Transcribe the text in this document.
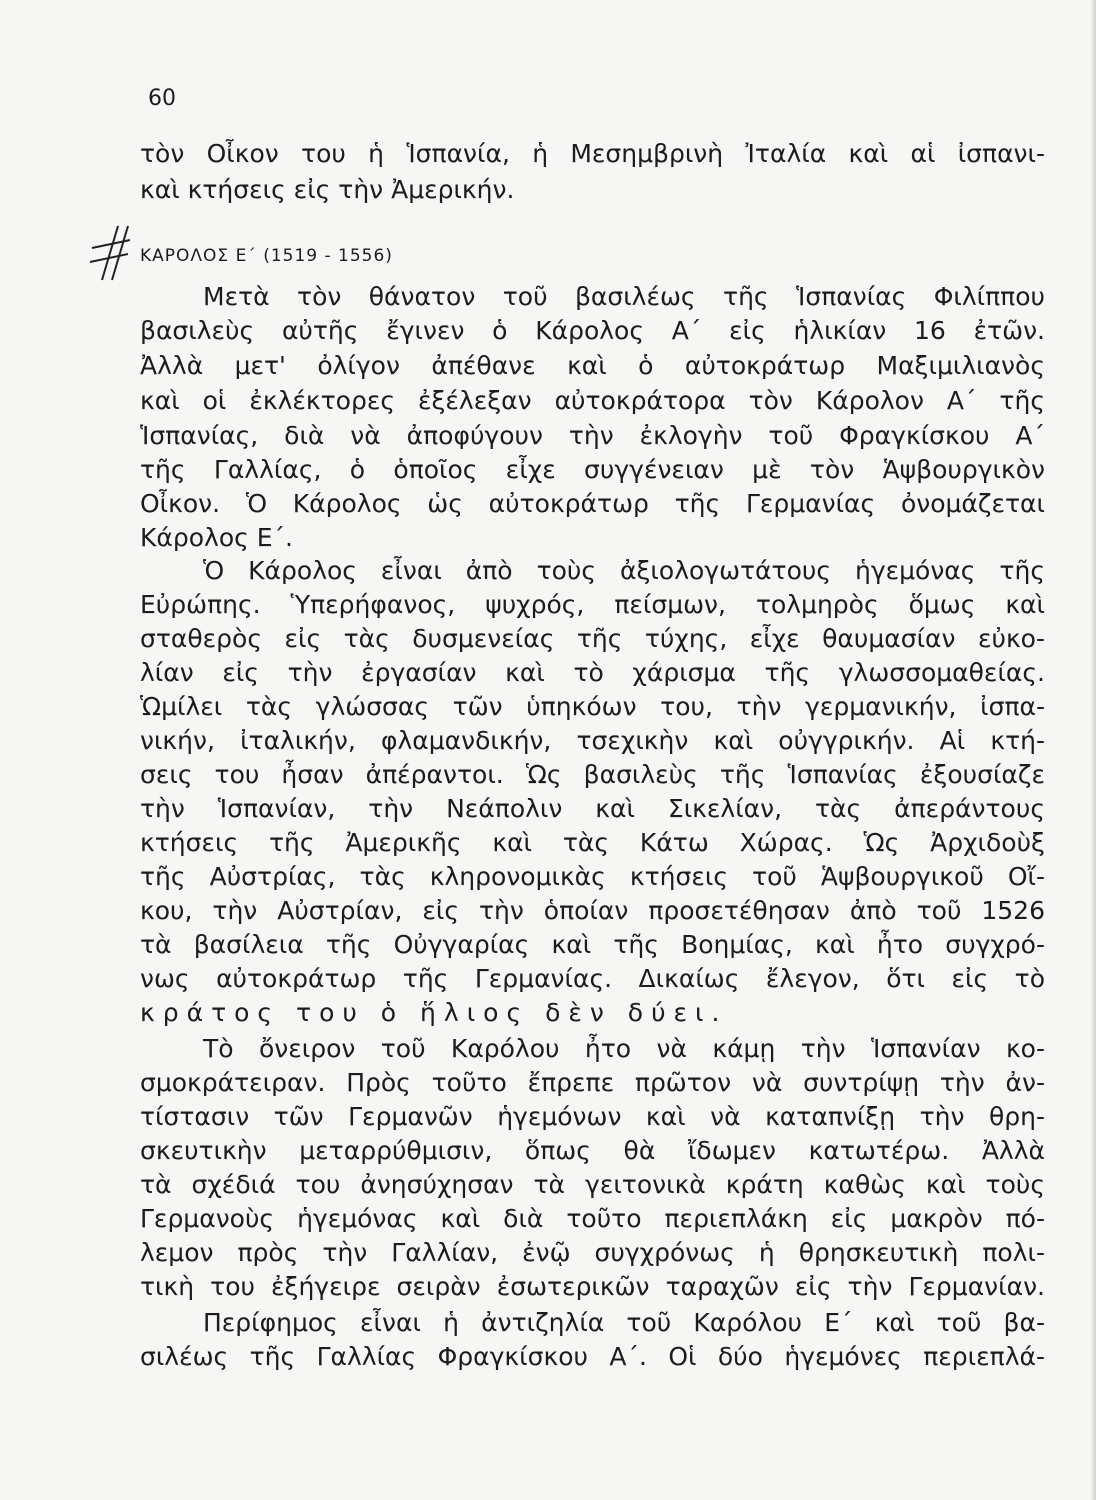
60
τὸν Οἶκον του ἡ Ἱσπανία, ἡ Μεσημβρινὴ Ἰταλία καὶ αἱ ἰσπανι-
καὶ κτήσεις εἰς τὴν Ἀμερικήν.
ΚΑΡΟΛΟΣ Ε΄ (1519 - 1556)
Μετὰ τὸν θάνατον τοῦ βασιλέως τῆς Ἱσπανίας Φιλίππου
βασιλεὺς αὐτῆς ἔγινεν ὁ Κάρολος Α΄ εἰς ἡλικίαν 16 ἐτῶν.
Ἀλλὰ μετ' ὀλίγον ἀπέθανε καὶ ὁ αὐτοκράτωρ Μαξιμιλιανὸς
καὶ οἱ ἐκλέκτορες ἐξέλεξαν αὐτοκράτορα τὸν Κάρολον Α΄ τῆς
Ἱσπανίας, διὰ νὰ ἀποφύγουν τὴν ἐκλογὴν τοῦ Φραγκίσκου Α΄
τῆς Γαλλίας, ὁ ὁποῖος εἶχε συγγένειαν μὲ τὸν Ἁψβουργικὸν
Οἶκον. Ὁ Κάρολος ὡς αὐτοκράτωρ τῆς Γερμανίας ὀνομάζεται
Κάρολος Ε΄.
Ὁ Κάρολος εἶναι ἀπὸ τοὺς ἀξιολογωτάτους ἡγεμόνας τῆς
Εὐρώπης. Ὑπερήφανος, ψυχρός, πείσμων, τολμηρὸς ὅμως καὶ
σταθερὸς εἰς τὰς δυσμενείας τῆς τύχης, εἶχε θαυμασίαν εὐκο-
λίαν εἰς τὴν ἐργασίαν καὶ τὸ χάρισμα τῆς γλωσσομαθείας.
Ὡμίλει τὰς γλώσσας τῶν ὑπηκόων του, τὴν γερμανικήν, ἰσπα-
νικήν, ἰταλικήν, φλαμανδικήν, τσεχικὴν καὶ οὐγγρικήν. Αἱ κτή-
σεις του ἦσαν ἀπέραντοι. Ὡς βασιλεὺς τῆς Ἱσπανίας ἐξουσίαζε
τὴν Ἱσπανίαν, τὴν Νεάπολιν καὶ Σικελίαν, τὰς ἀπεράντους
κτήσεις τῆς Ἀμερικῆς καὶ τὰς Κάτω Χώρας. Ὡς Ἀρχιδοὺξ
τῆς Αὐστρίας, τὰς κληρονομικὰς κτήσεις τοῦ Ἁψβουργικοῦ Οἴ-
κου, τὴν Αὐστρίαν, εἰς τὴν ὁποίαν προσετέθησαν ἀπὸ τοῦ 1526
τὰ βασίλεια τῆς Οὐγγαρίας καὶ τῆς Βοημίας, καὶ ἦτο συγχρό-
νως αὐτοκράτωρ τῆς Γερμανίας. Δικαίως ἔλεγον, ὅτι εἰς τὸ
κράτος του ὁ ἥλιος δὲν δύει.
Τὸ ὄνειρον τοῦ Καρόλου ἦτο νὰ κάμῃ τὴν Ἱσπανίαν κο-
σμοκράτειραν. Πρὸς τοῦτο ἔπρεπε πρῶτον νὰ συντρίψῃ τὴν ἀν-
τίστασιν τῶν Γερμανῶν ἡγεμόνων καὶ νὰ καταπνίξῃ τὴν θρη-
σκευτικὴν μεταρρύθμισιν, ὅπως θὰ ἴδωμεν κατωτέρω. Ἀλλὰ
τὰ σχέδιά του ἀνησύχησαν τὰ γειτονικὰ κράτη καθὼς καὶ τοὺς
Γερμανοὺς ἡγεμόνας καὶ διὰ τοῦτο περιεπλάκη εἰς μακρὸν πό-
λεμον πρὸς τὴν Γαλλίαν, ἐνῷ συγχρόνως ἡ θρησκευτικὴ πολι-
τικὴ του ἐξήγειρε σειρὰν ἐσωτερικῶν ταραχῶν εἰς τὴν Γερμανίαν.
Περίφημος εἶναι ἡ ἀντιζηλία τοῦ Καρόλου Ε΄ καὶ τοῦ βα-
σιλέως τῆς Γαλλίας Φραγκίσκου Α΄. Οἱ δύο ἡγεμόνες περιεπλά-
